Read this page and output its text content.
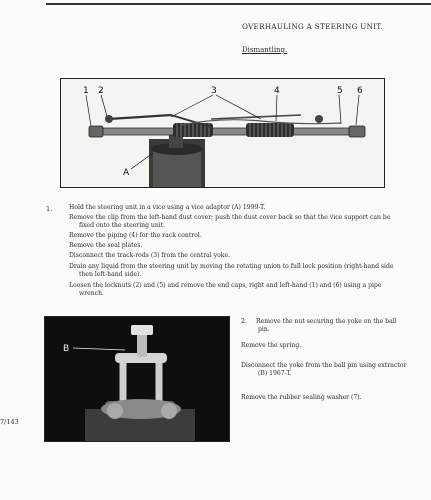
OVERHAULING A STEERING UNIT.
Dismantling.
1 2	3	4	5 6
A
1.	Hold the steering unit in a vice using a vice adaptor (A) 1999-T.

Remove the clip from the left-hand dust cover; push the dust cover back so that the vice support can be

fixed onto the steering unit.

Remove the piping (4) for the rack control.

Remove the seal plates.

Disconnect the track-rods (3) from the central yoke.

Drain any liquid from the steering unit by moving the rotating union to full lock position (right-hand side

then left-hand side).

Loosen the locknuts (2) and (5) and remove the end caps, right and left-hand (1) and (6) using a pipe

wrench.

B

2. Remove the nut securing the yoke on the ball

pin.

Remove the spring.

Disconnect the yoke from the ball pin using extractor

(B) 1967-T.

Remove the rubber sealing washer (7).

7/143
